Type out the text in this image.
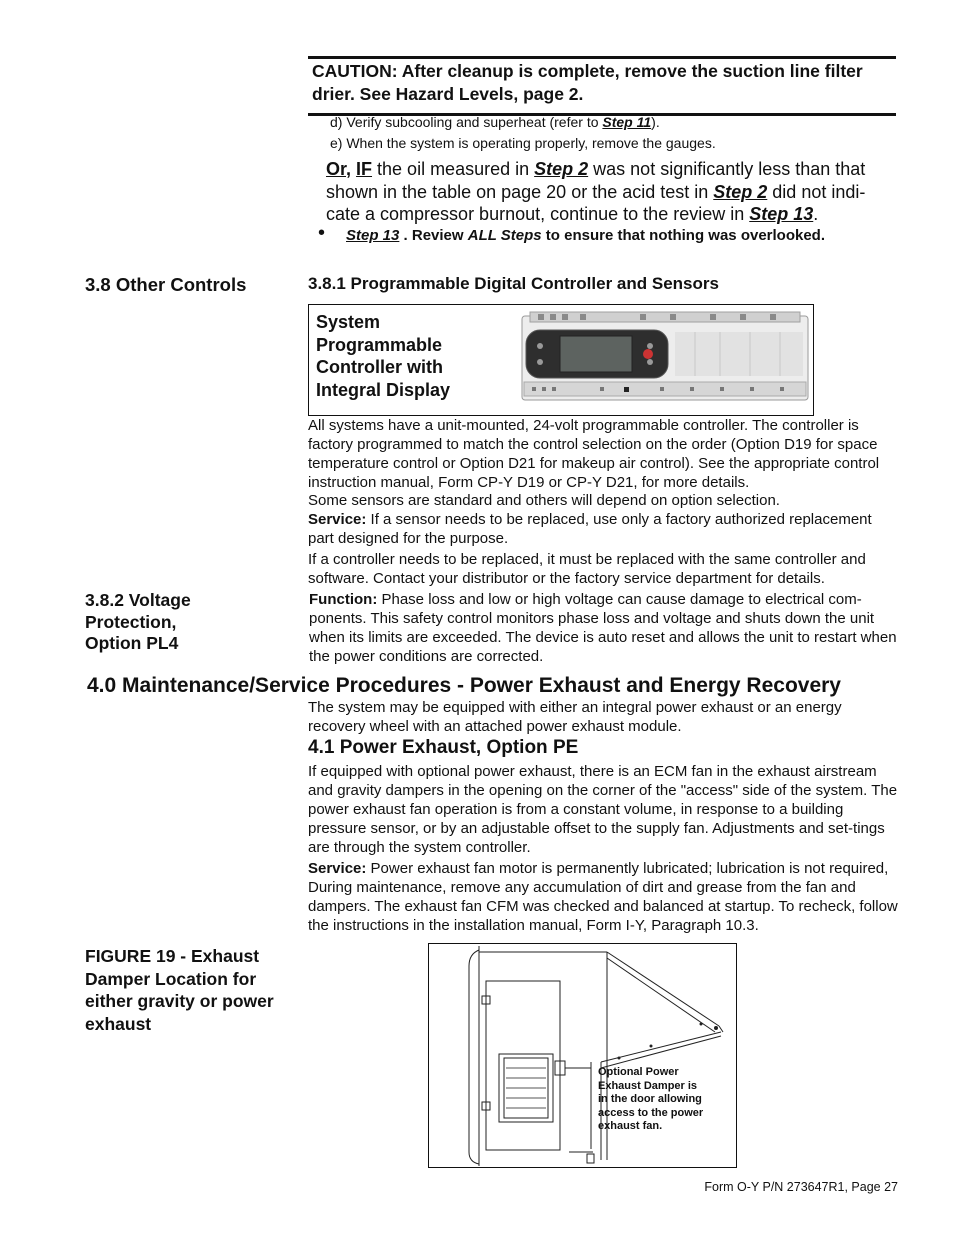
CAUTION: After cleanup is complete, remove the suction line filter drier. See Hazard Levels, page 2.
d) Verify subcooling and superheat (refer to Step 11).
e) When the system is operating properly, remove the gauges.
Or, IF the oil measured in Step 2 was not significantly less than that shown in the table on page 20 or the acid test in Step 2 did not indi-cate a compressor burnout, continue to the review in Step 13.
• Step 13 . Review ALL Steps to ensure that nothing was overlooked.
3.8 Other Controls	3.8.1 Programmable Digital Controller and Sensors
System Programmable Controller with Integral Display
All systems have a unit-mounted, 24-volt programmable controller. The controller is factory programmed to match the control selection on the order (Option D19 for space temperature control or Option D21 for makeup air control). See the appropriate control instruction manual, Form CP-Y D19 or CP-Y D21, for more details.
Some sensors are standard and others will depend on option selection.
Service: If a sensor needs to be replaced, use only a factory authorized replacement part designed for the purpose.
If a controller needs to be replaced, it must be replaced with the same controller and software. Contact your distributor or the factory service department for details.
3.8.2 Voltage Protection, Option PL4
Function: Phase loss and low or high voltage can cause damage to electrical com-ponents. This safety control monitors phase loss and voltage and shuts down the unit when its limits are exceeded. The device is auto reset and allows the unit to restart when the power conditions are corrected.
4.0 Maintenance/Service Procedures - Power Exhaust and Energy Recovery
The system may be equipped with either an integral power exhaust or an energy recovery wheel with an attached power exhaust module.
4.1 Power Exhaust, Option PE
If equipped with optional power exhaust, there is an ECM fan in the exhaust airstream and gravity dampers in the opening on the corner of the "access" side of the system. The power exhaust fan operation is from a constant volume, in response to a building pressure sensor, or by an adjustable offset to the supply fan. Adjustments and set-tings are through the system controller.
Service: Power exhaust fan motor is permanently lubricated; lubrication is not required, During maintenance, remove any accumulation of dirt and grease from the fan and dampers. The exhaust fan CFM was checked and balanced at startup. To recheck, follow the instructions in the installation manual, Form I-Y, Paragraph 10.3.
FIGURE 19 - Exhaust Damper Location for either gravity or power exhaust
Optional Power Exhaust Damper is in the door allowing access to the power exhaust fan.
Form O-Y P/N 273647R1, Page 27
